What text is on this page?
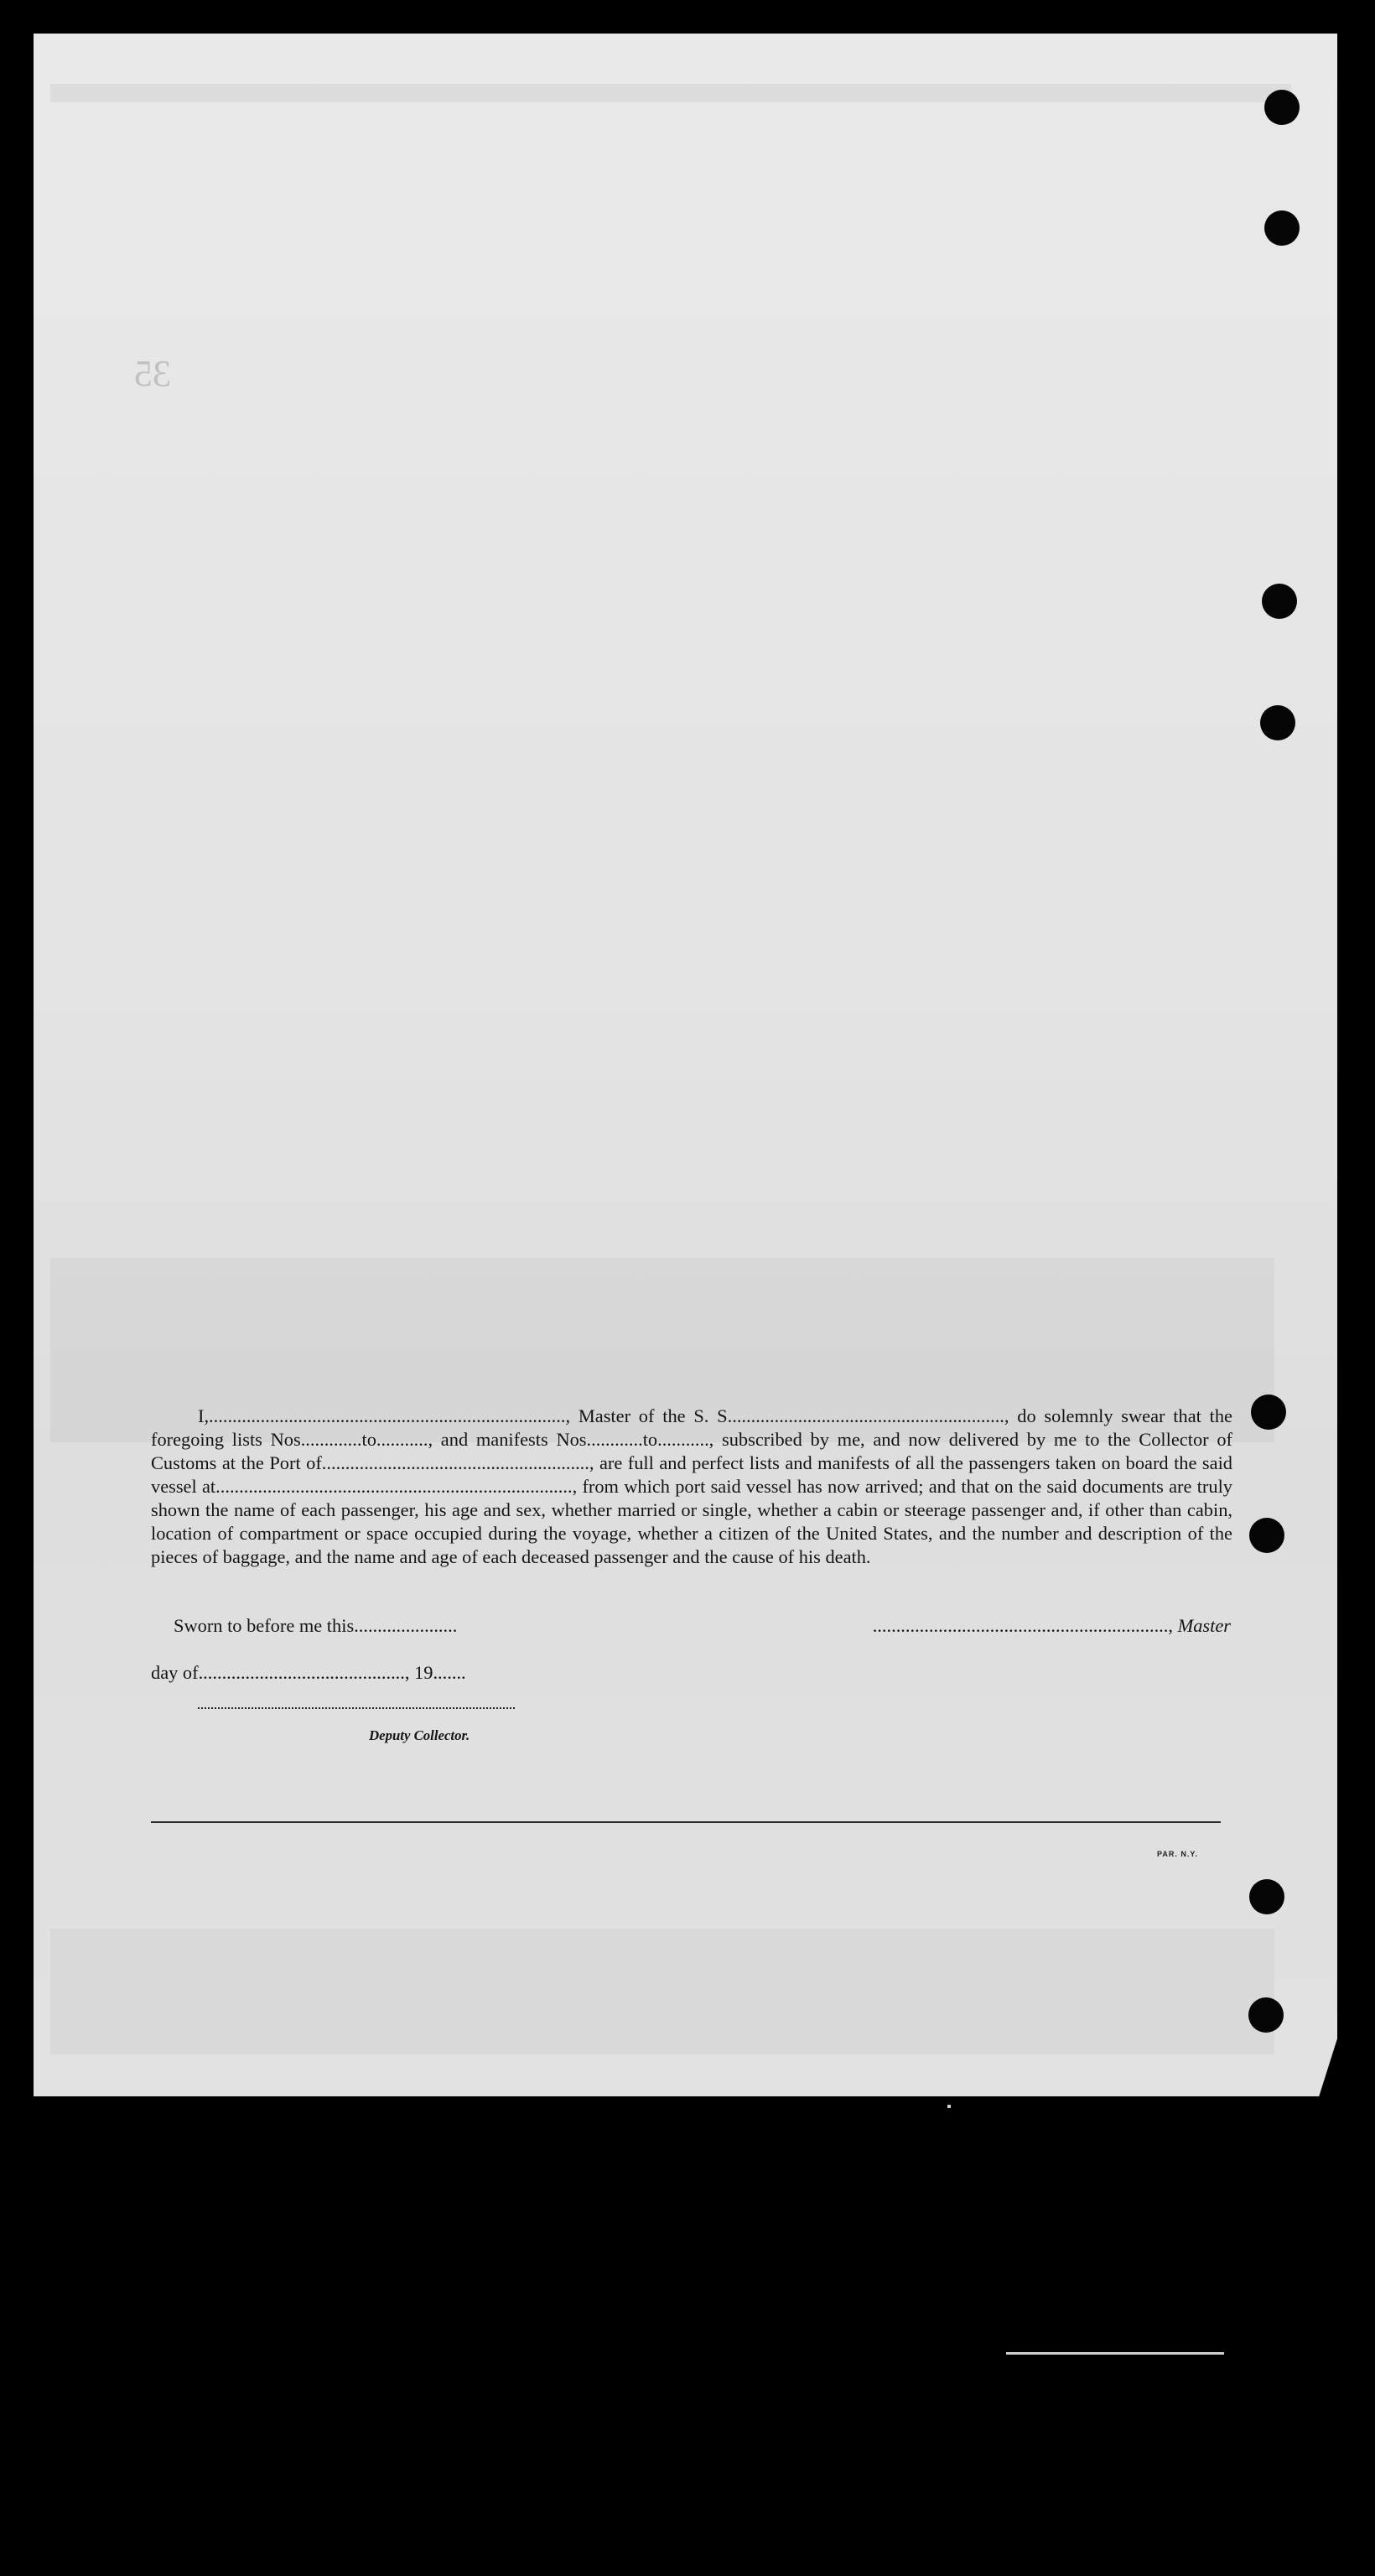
35
I,............................................................................, Master of the S. S..........................................................., do solemnly swear that the foregoing lists Nos.............to..........., and manifests Nos............to..........., subscribed by me, and now delivered by me to the Collector of Customs at the Port of........................................................., are full and perfect lists and manifests of all the passengers taken on board the said vessel at............................................................................, from which port said vessel has now arrived; and that on the said documents are truly shown the name of each passenger, his age and sex, whether married or single, whether a cabin or steerage passenger and, if other than cabin, location of compartment or space occupied during the voyage, whether a citizen of the United States, and the number and description of the pieces of baggage, and the name and age of each deceased passenger and the cause of his death.
Sworn to before me this......................	..............................................................., Master
day of............................................, 19.......
Deputy Collector.
PAR. N.Y.
